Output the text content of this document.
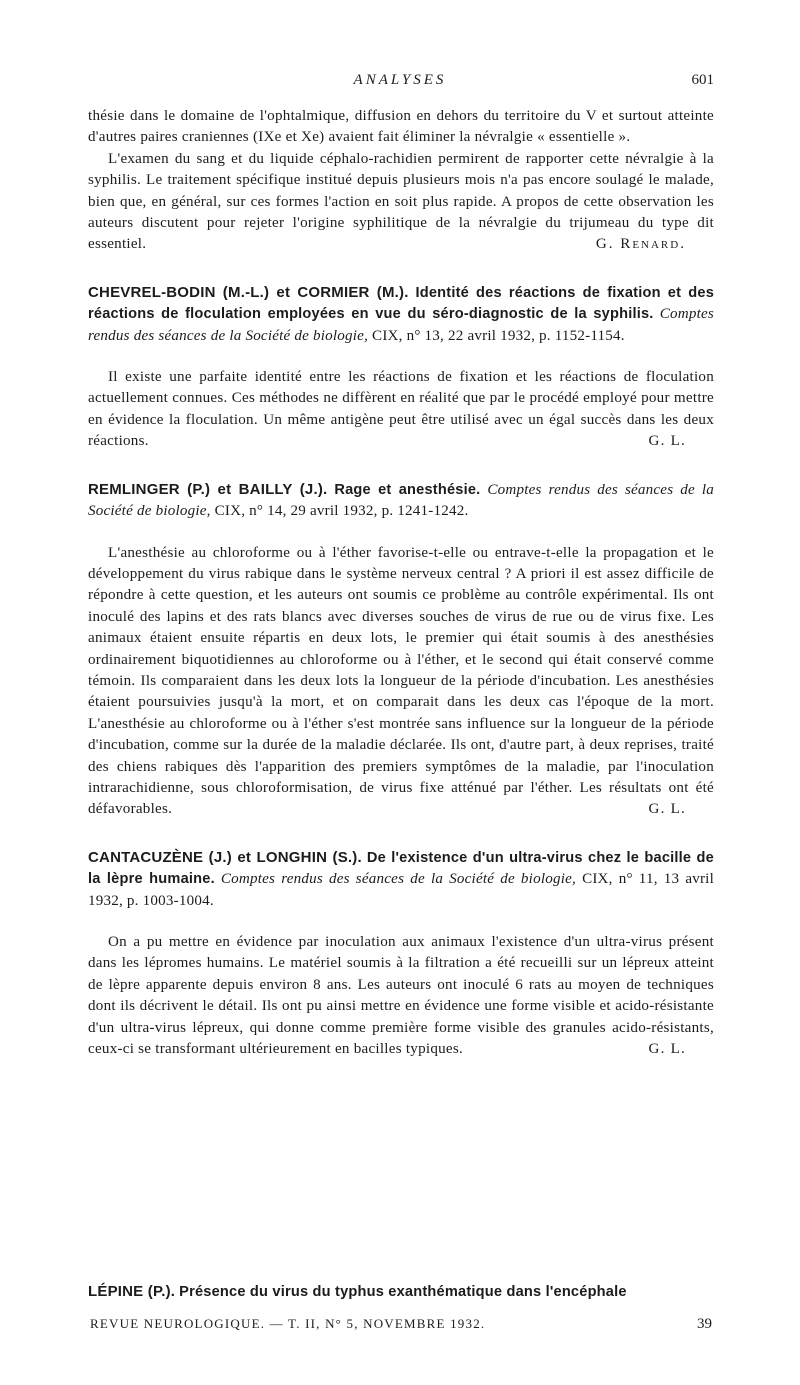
ANALYSES	601

thésie dans le domaine de l'ophtalmique, diffusion en dehors du territoire du V et surtout atteinte d'autres paires craniennes (IXe et Xe) avaient fait éliminer la névralgie « essentielle ».

L'examen du sang et du liquide céphalo-rachidien permirent de rapporter cette névralgie à la syphilis. Le traitement spécifique institué depuis plusieurs mois n'a pas encore soulagé le malade, bien que, en général, sur ces formes l'action en soit plus rapide. A propos de cette observation les auteurs discutent pour rejeter l'origine syphilitique de la névralgie du trijumeau du type dit essentiel.	G. Renard.

CHEVREL-BODIN (M.-L.) et CORMIER (M.). Identité des réactions de fixation et des réactions de floculation employées en vue du séro-diagnostic de la syphilis. Comptes rendus des séances de la Société de biologie, CIX, n° 13, 22 avril 1932, p. 1152-1154.

Il existe une parfaite identité entre les réactions de fixation et les réactions de floculation actuellement connues. Ces méthodes ne diffèrent en réalité que par le procédé employé pour mettre en évidence la floculation. Un même antigène peut être utilisé avec un égal succès dans les deux réactions.	G. L.

REMLINGER (P.) et BAILLY (J.). Rage et anesthésie. Comptes rendus des séances de la Société de biologie, CIX, n° 14, 29 avril 1932, p. 1241-1242.

L'anesthésie au chloroforme ou à l'éther favorise-t-elle ou entrave-t-elle la propagation et le développement du virus rabique dans le système nerveux central ? A priori il est assez difficile de répondre à cette question, et les auteurs ont soumis ce problème au contrôle expérimental. Ils ont inoculé des lapins et des rats blancs avec diverses souches de virus de rue ou de virus fixe. Les animaux étaient ensuite répartis en deux lots, le premier qui était soumis à des anesthésies ordinairement biquotidiennes au chloroforme ou à l'éther, et le second qui était conservé comme témoin. Ils comparaient dans les deux lots la longueur de la période d'incubation. Les anesthésies étaient poursuivies jusqu'à la mort, et on comparait dans les deux cas l'époque de la mort. L'anesthésie au chloroforme ou à l'éther s'est montrée sans influence sur la longueur de la période d'incubation, comme sur la durée de la maladie déclarée. Ils ont, d'autre part, à deux reprises, traité des chiens rabiques dès l'apparition des premiers symptômes de la maladie, par l'inoculation intrarachidienne, sous chloroformisation, de virus fixe atténué par l'éther. Les résultats ont été défavorables.	G. L.

CANTACUZÈNE (J.) et LONGHIN (S.). De l'existence d'un ultra-virus chez le bacille de la lèpre humaine. Comptes rendus des séances de la Société de biologie, CIX, n° 11, 13 avril 1932, p. 1003-1004.

On a pu mettre en évidence par inoculation aux animaux l'existence d'un ultra-virus présent dans les lépromes humains. Le matériel soumis à la filtration a été recueilli sur un lépreux atteint de lèpre apparente depuis environ 8 ans. Les auteurs ont inoculé 6 rats au moyen de techniques dont ils décrivent le détail. Ils ont pu ainsi mettre en évidence une forme visible et acido-résistante d'un ultra-virus lépreux, qui donne comme première forme visible des granules acido-résistants, ceux-ci se transformant ultérieurement en bacilles typiques.	G. L.

LÉPINE (P.). Présence du virus du typhus exanthématique dans l'encéphale
REVUE NEUROLOGIQUE. — T. II, N° 5, NOVEMBRE 1932.	39
